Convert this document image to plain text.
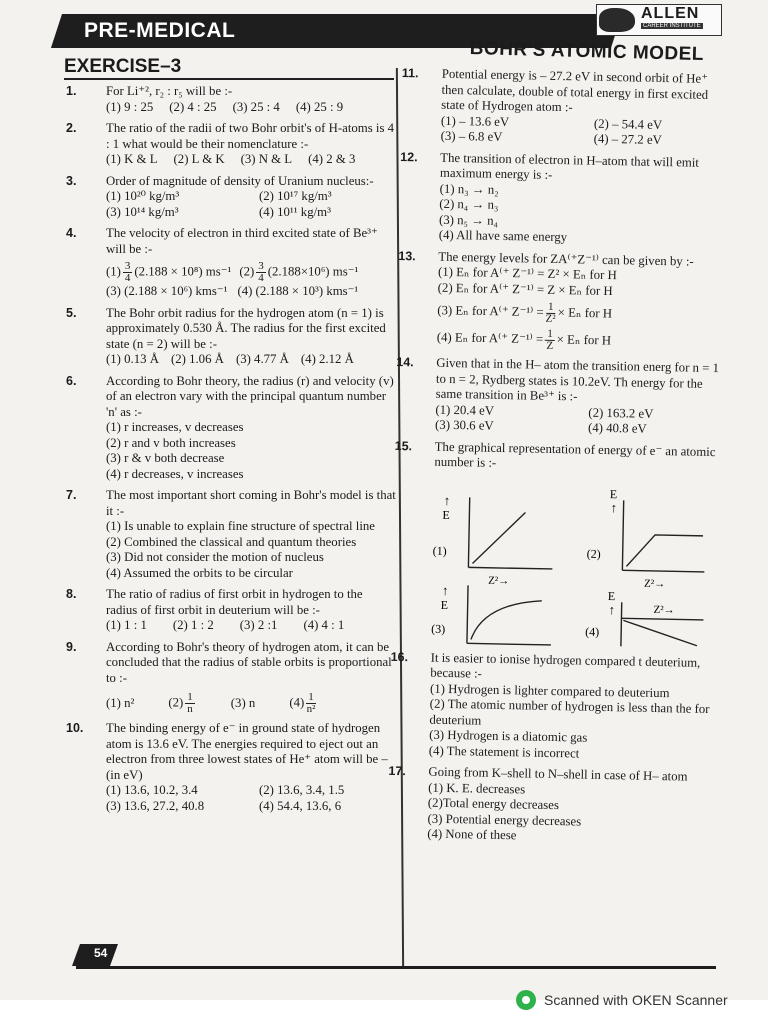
PRE-MEDICAL
ALLEN
CAREER INSTITUTE
BOHR'S ATOMIC MODEL
EXERCISE–3
1. For Li⁺², r₂ : r₅ will be :-
(1) 9 : 25 (2) 4 : 25 (3) 25 : 4 (4) 25 : 9
2. The ratio of the radii of two Bohr orbit's of H-atoms is 4 : 1 what would be their nomenclature :-
(1) K & L (2) L & K (3) N & L (4) 2 & 3
3. Order of magnitude of density of Uranium nucleus:-
(1) 10²⁰ kg/m³	(2) 10¹⁷ kg/m³
(3) 10¹⁴ kg/m³	(4) 10¹¹ kg/m³
4. The velocity of electron in third excited state of Be³⁺ will be :-
$(1) \frac{3}{4} (2.188 \times 10^8)$ ms⁻¹ $(2) \frac{3}{4} (2.188\times 10^6)$ ms⁻¹
(3) (2.188 × 10⁶) kms⁻¹ (4) (2.188 × 10³) kms⁻¹
5. The Bohr orbit radius for the hydrogen atom (n = 1) is approximately 0.530 Å. The radius for the first excited state (n = 2) will be :-
(1) 0.13 Å (2) 1.06 Å (3) 4.77 Å (4) 2.12 Å
6. According to Bohr theory, the radius (r) and velocity (v) of an electron vary with the principal quantum number 'n' as :-
(1) r increases, v decreases
(2) r and v both increases
(3) r & v both decrease
(4) r decreases, v increases
7. The most important short coming in Bohr's model is that it :-
(1) Is unable to explain fine structure of spectral line
(2) Combined the classical and quantum theories
(3) Did not consider the motion of nucleus
(4) Assumed the orbits to be circular
8. The ratio of radius of first orbit in hydrogen to the radius of first orbit in deuterium will be :-
(1) 1 : 1 (2) 1 : 2 (3) 2 :1 (4) 4 : 1
9. According to Bohr's theory of hydrogen atom, it can be concluded that the radius of stable orbits is proportional to :-
(1) n²	$(2) \frac{1}{n}$	(3) n	$(4) \frac{1}{\text{n²}}$
10. The binding energy of e⁻ in ground state of hydrogen atom is 13.6 eV. The energies required to eject out an electron from three lowest states of He⁺ atom will be – (in eV)
(1) 13.6, 10.2, 3.4	(2) 13.6, 3.4, 1.5
(3) 13.6, 27.2, 40.8	(4) 54.4, 13.6, 6
11. Potential energy is – 27.2 eV in second orbit of He⁺ then calculate, double of total energy in first excited state of Hydrogen atom :-
(1) – 13.6 eV	(2) – 54.4 eV
(3) – 6.8 eV	(4) – 27.2 eV
12. The transition of electron in H–atom that will emit maximum energy is :-
(1) n₃ → n₂
(2) n₄ → n₃
(3) n₅ → n₄
(4) All have same energy
13. The energy levels for ZA⁽⁺Z⁻¹⁾ can be given by :-
(1) Eₙ for A⁽⁺ Z⁻¹⁾ = Z² × Eₙ for H
(2) Eₙ for A⁽⁺ Z⁻¹⁾ = Z × Eₙ for H
(3) Eₙ for A⁽⁺ $Z^{-1)} = \frac{1}{\text{Z²}} \times E_n$ for H
(4) Eₙ for A⁽⁺ $Z^{-1)} = \frac{1}{Z} \times E_n$ for H
14. Given that in the H– atom the transition energ for n = 1 to n = 2, Rydberg states is 10.2eV. Th energy for the same transition in Be³⁺ is :-
(1) 20.4 eV	(2) 163.2 eV
(3) 30.6 eV	(4) 40.8 eV
15. The graphical representation of energy of e⁻ an atomic number is :-
↑
E
(1)
Z²→
E
↑
(2)
Z²→
↑
E
(3)
E
↑
(4)
Z²→
16. It is easier to ionise hydrogen compared t deuterium, because :-
(1) Hydrogen is lighter compared to deuterium
(2) The atomic number of hydrogen is less than the for deuterium
(3) Hydrogen is a diatomic gas
(4) The statement is incorrect
17. Going from K–shell to N–shell in case of H– atom
(1) K. E. decreases
(2)Total energy decreases
(3) Potential energy decreases
(4) None of these
54
Scanned with OKEN Scanner
